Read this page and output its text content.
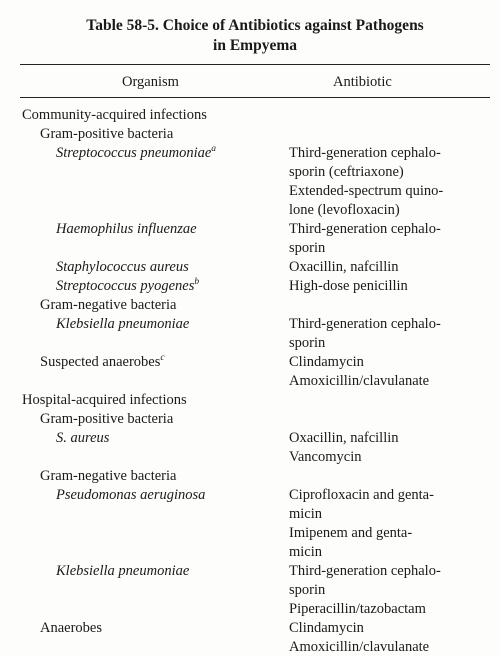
Table 58-5. Choice of Antibiotics against Pathogens
in Empyema
Organism	Antibiotic
Community-acquired infections
Gram-positive bacteria
Streptococcus pneumoniae$^a$	Third-generation cephalo-
sporin (ceftriaxone)
Extended-spectrum quino-
lone (levofloxacin)
Haemophilus influenzae	Third-generation cephalo-
sporin
Staphylococcus aureus	Oxacillin, nafcillin
Streptococcus pyogenes$^b$	High-dose penicillin
Gram-negative bacteria
Klebsiella pneumoniae	Third-generation cephalo-
sporin
Suspected anaerobes$^c$	Clindamycin
Amoxicillin/clavulanate
Hospital-acquired infections
Gram-positive bacteria
S. aureus	Oxacillin, nafcillin
Vancomycin
Gram-negative bacteria
Pseudomonas aeruginosa	Ciprofloxacin and genta-
micin
Imipenem and genta-
micin
Klebsiella pneumoniae	Third-generation cephalo-
sporin
Piperacillin/tazobactam
Anaerobes	Clindamycin
Amoxicillin/clavulanate
